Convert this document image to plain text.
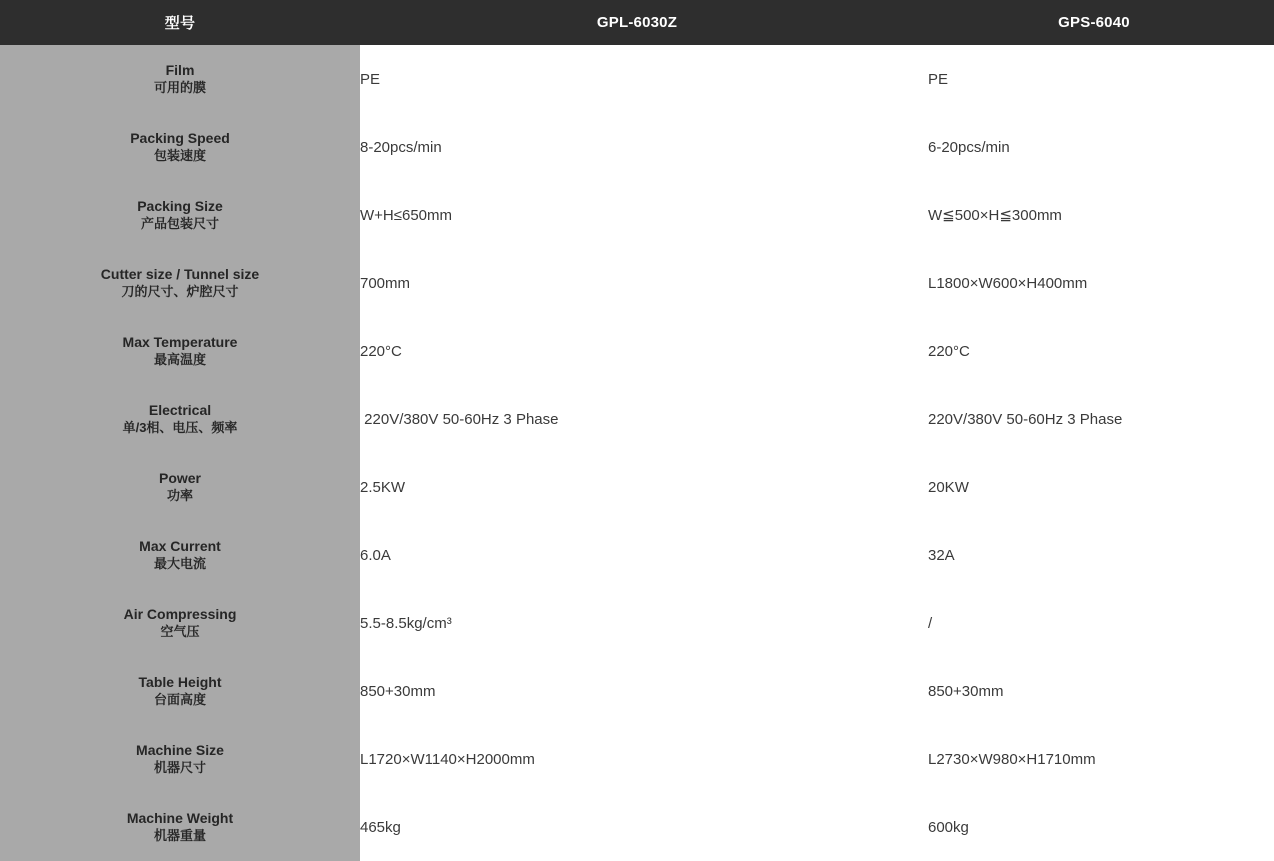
型号	GPL-6030Z	GPS-6040

Film
可用的膜	PE	PE

Packing Speed
包装速度	8-20pcs/min	6-20pcs/min

Packing Size
产品包装尺寸	W+H≤650mm	W≦500×H≦300mm

Cutter size / Tunnel size
刀的尺寸、炉腔尺寸	700mm	L1800×W600×H400mm

Max Temperature
最高温度	220°C	220°C

Electrical
单/3相、电压、频率	220V/380V 50-60Hz 3 Phase	220V/380V 50-60Hz 3 Phase

Power
功率	2.5KW	20KW

Max Current
最大电流	6.0A	32A

Air Compressing
空气压	5.5-8.5kg/cm³	/

Table Height
台面高度	850+30mm	850+30mm

Machine Size
机器尺寸	L1720×W1140×H2000mm	L2730×W980×H1710mm

Machine Weight
机器重量	465kg	600kg
